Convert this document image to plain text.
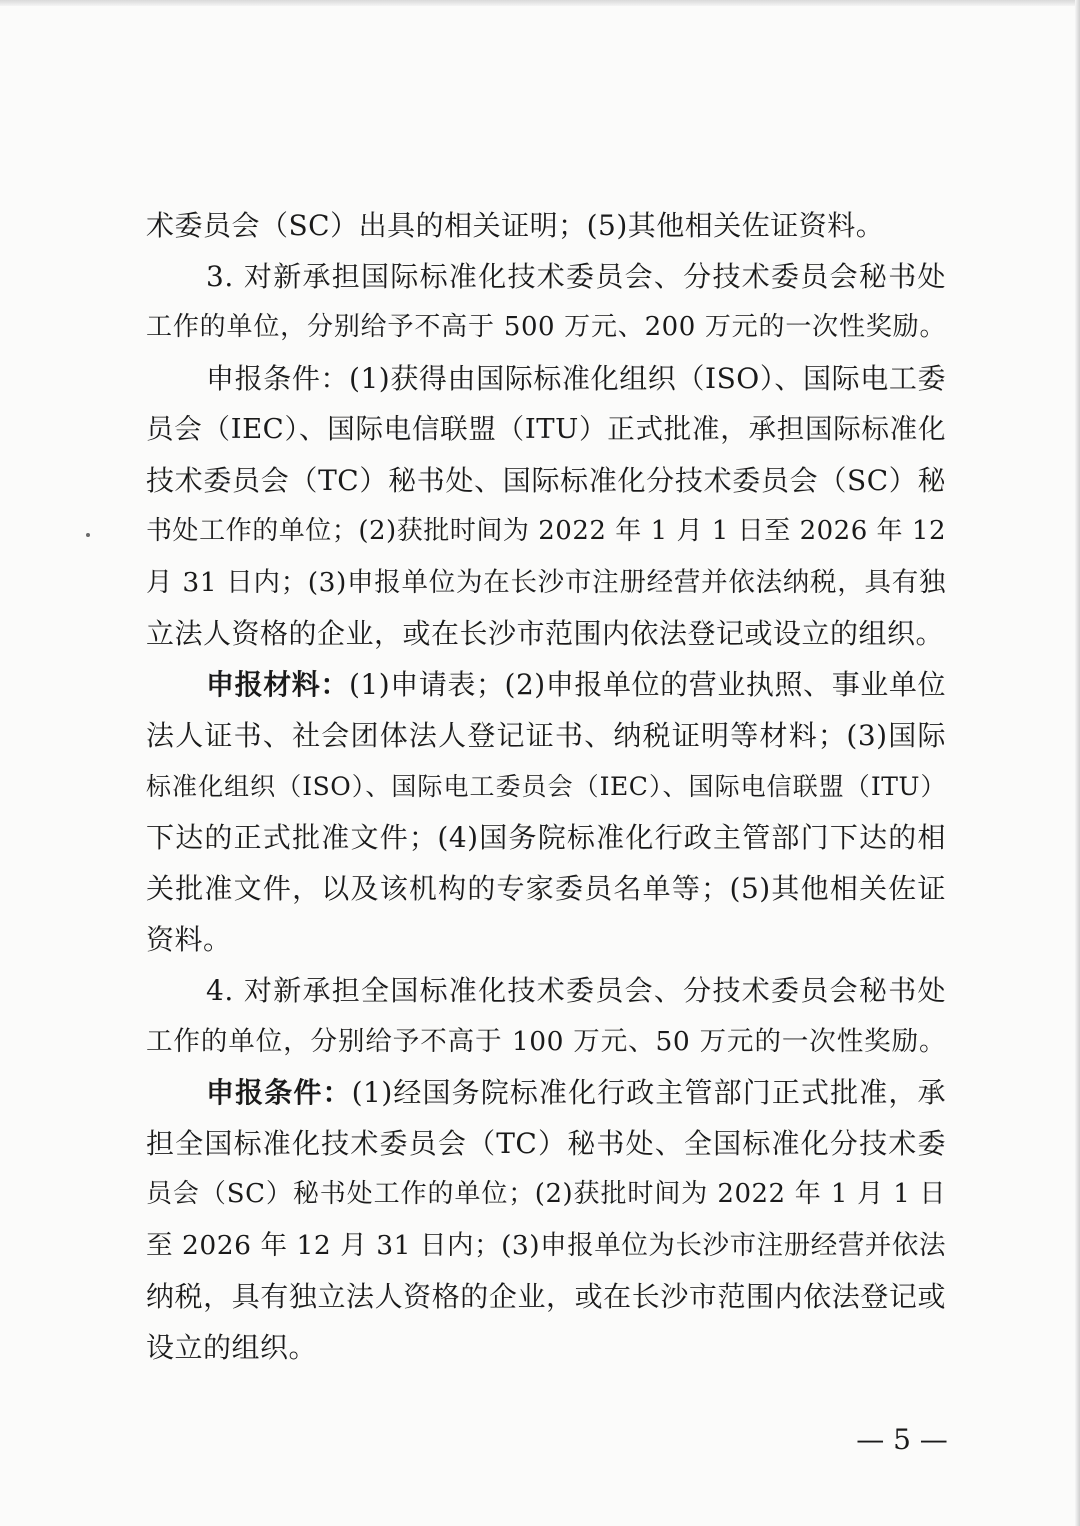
术委员会（SC）出具的相关证明；(5)其他相关佐证资料。
3. 对新承担国际标准化技术委员会、分技术委员会秘书处
工作的单位，分别给予不高于 500 万元、200 万元的一次性奖励。
申报条件：(1)获得由国际标准化组织（ISO）、国际电工委
员会（IEC）、国际电信联盟（ITU）正式批准，承担国际标准化
技术委员会（TC）秘书处、国际标准化分技术委员会（SC）秘
书处工作的单位；(2)获批时间为 2022 年 1 月 1 日至 2026 年 12
月 31 日内；(3)申报单位为在长沙市注册经营并依法纳税，具有独
立法人资格的企业，或在长沙市范围内依法登记或设立的组织。
申报材料：(1)申请表；(2)申报单位的营业执照、事业单位
法人证书、社会团体法人登记证书、纳税证明等材料；(3)国际
标准化组织（ISO）、国际电工委员会（IEC）、国际电信联盟（ITU）
下达的正式批准文件；(4)国务院标准化行政主管部门下达的相
关批准文件，以及该机构的专家委员名单等；(5)其他相关佐证
资料。
4. 对新承担全国标准化技术委员会、分技术委员会秘书处
工作的单位，分别给予不高于 100 万元、50 万元的一次性奖励。
申报条件：(1)经国务院标准化行政主管部门正式批准，承
担全国标准化技术委员会（TC）秘书处、全国标准化分技术委
员会（SC）秘书处工作的单位；(2)获批时间为 2022 年 1 月 1 日
至 2026 年 12 月 31 日内；(3)申报单位为长沙市注册经营并依法
纳税，具有独立法人资格的企业，或在长沙市范围内依法登记或
设立的组织。
— 5 —
